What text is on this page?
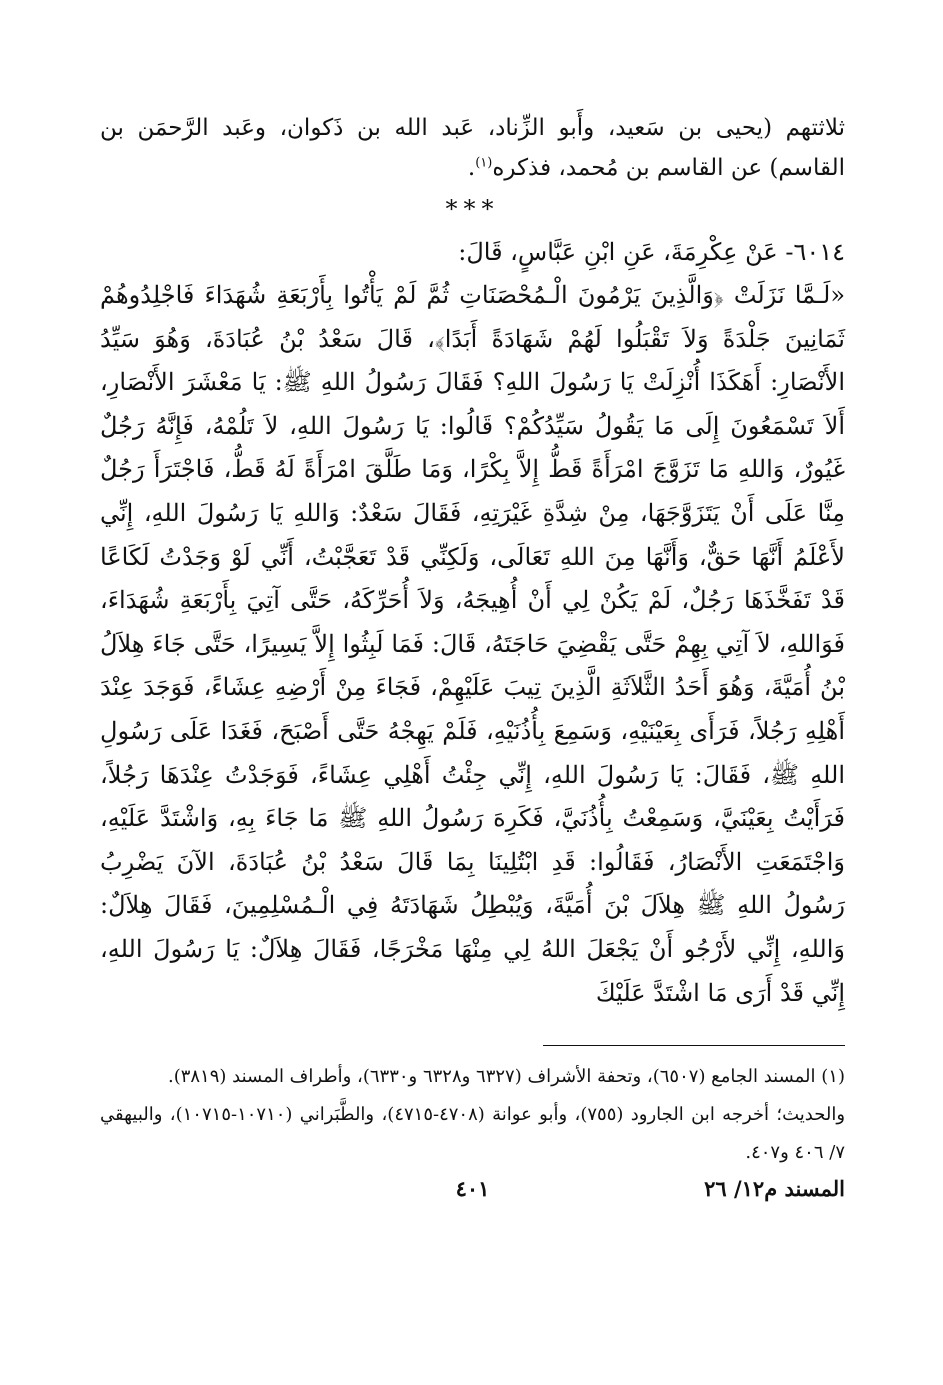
ثلاثتهم (يحيى بن سَعيد، وأَبو الزِّناد، عَبد الله بن ذَكوان، وعَبد الرَّحمَن بن القاسم) عن القاسم بن مُحمد، فذكره$^{(١)}$.
***
٦٠١٤- عَنْ عِكْرِمَةَ، عَنِ ابْنِ عَبَّاسٍ، قَالَ:
«لَـمَّا نَزَلَتْ ﴿وَالَّذِينَ يَرْمُونَ الْـمُحْصَنَاتِ ثُمَّ لَمْ يَأْتُوا بِأَرْبَعَةِ شُهَدَاءَ فَاجْلِدُوهُمْ ثَمَانِينَ جَلْدَةً وَلاَ تَقْبَلُوا لَهُمْ شَهَادَةً أَبَدًا﴾، قَالَ سَعْدُ بْنُ عُبَادَةَ، وَهُوَ سَيِّدُ الأَنْصَارِ: أَهَكَذَا أُنْزِلَتْ يَا رَسُولَ اللهِ؟ فَقَالَ رَسُولُ اللهِ ﷺ: يَا مَعْشَرَ الأَنْصَارِ، أَلاَ تَسْمَعُونَ إِلَى مَا يَقُولُ سَيِّدُكُمْ؟ قَالُوا: يَا رَسُولَ اللهِ، لاَ تَلُمْهُ، فَإِنَّهُ رَجُلٌ غَيُورٌ، وَاللهِ مَا تَزَوَّجَ امْرَأَةً قَطُّ إِلاَّ بِكْرًا، وَمَا طَلَّقَ امْرَأَةً لَهُ قَطُّ، فَاجْتَرَأَ رَجُلٌ مِنَّا عَلَى أَنْ يَتَزَوَّجَهَا، مِنْ شِدَّةِ غَيْرَتِهِ، فَقَالَ سَعْدٌ: وَاللهِ يَا رَسُولَ اللهِ، إِنِّي لأَعْلَمُ أَنَّهَا حَقٌّ، وَأَنَّهَا مِنَ اللهِ تَعَالَى، وَلَكِنِّي قَدْ تَعَجَّبْتُ، أَنِّي لَوْ وَجَدْتُ لَكَاعًا قَدْ تَفَخَّذَهَا رَجُلٌ، لَمْ يَكُنْ لِي أَنْ أُهِيجَهُ، وَلاَ أُحَرِّكَهُ، حَتَّى آتِيَ بِأَرْبَعَةِ شُهَدَاءَ، فَوَاللهِ، لاَ آتِي بِهِمْ حَتَّى يَقْضِيَ حَاجَتَهُ، قَالَ: فَمَا لَبِثُوا إِلاَّ يَسِيرًا، حَتَّى جَاءَ هِلاَلُ بْنُ أُمَيَّةَ، وَهُوَ أَحَدُ الثَّلاَثَةِ الَّذِينَ تِيبَ عَلَيْهِمْ، فَجَاءَ مِنْ أَرْضِهِ عِشَاءً، فَوَجَدَ عِنْدَ أَهْلِهِ رَجُلاً، فَرَأَى بِعَيْنَيْهِ، وَسَمِعَ بِأُذُنَيْهِ، فَلَمْ يَهِجْهُ حَتَّى أَصْبَحَ، فَغَدَا عَلَى رَسُولِ اللهِ ﷺ، فَقَالَ: يَا رَسُولَ اللهِ، إِنِّي جِئْتُ أَهْلِي عِشَاءً، فَوَجَدْتُ عِنْدَهَا رَجُلاً، فَرَأَيْتُ بِعَيْنَيَّ، وَسَمِعْتُ بِأُذُنَيَّ، فَكَرِهَ رَسُولُ اللهِ ﷺ مَا جَاءَ بِهِ، وَاشْتَدَّ عَلَيْهِ، وَاجْتَمَعَتِ الأَنْصَارُ، فَقَالُوا: قَدِ ابْتُلِينَا بِمَا قَالَ سَعْدُ بْنُ عُبَادَةَ، الآنَ يَضْرِبُ رَسُولُ اللهِ ﷺ هِلاَلَ بْنَ أُمَيَّةَ، وَيُبْطِلُ شَهَادَتَهُ فِي الْـمُسْلِمِينَ، فَقَالَ هِلاَلٌ: وَاللهِ، إِنِّي لأَرْجُو أَنْ يَجْعَلَ اللهُ لِي مِنْهَا مَخْرَجًا، فَقَالَ هِلاَلٌ: يَا رَسُولَ اللهِ، إِنِّي قَدْ أَرَى مَا اشْتَدَّ عَلَيْكَ
(١) المسند الجامع (٦٥٠٧)، وتحفة الأشراف (٦٣٢٧ و٦٣٢٨ و٦٣٣٠)، وأطراف المسند (٣٨١٩).
والحديث؛ أخرجه ابن الجارود (٧٥٥)، وأبو عوانة (٤٧٠٨-٤٧١٥)، والطَّبَراني (١٠٧١٠-١٠٧١٥)، والبيهقي ٧/ ٤٠٦ و٤٠٧.
المسند م١٢/ ٢٦
٤٠١
